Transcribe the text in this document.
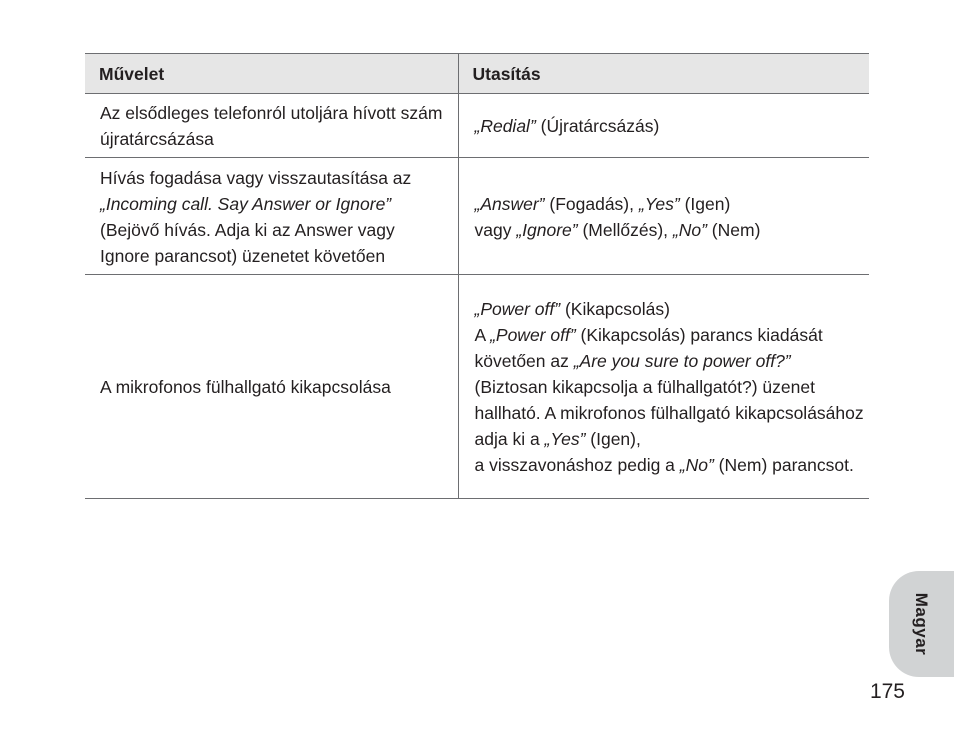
Művelet	Utasítás
Az elsődleges telefonról utoljára hívott szám újratárcsázása	„Redial” (Újratárcsázás)
Hívás fogadása vagy visszautasítása az „Incoming call. Say Answer or Ignore” (Bejövő hívás. Adja ki az Answer vagy Ignore parancsot) üzenetet követően	„Answer” (Fogadás), „Yes” (Igen)
vagy „Ignore” (Mellőzés), „No” (Nem)
A mikrofonos fülhallgató kikapcsolása	„Power off” (Kikapcsolás)
A „Power off” (Kikapcsolás) parancs kiadását követően az „Are you sure to power off?” (Biztosan kikapcsolja a fülhallgatót?) üzenet hallható. A mikrofonos fülhallgató kikapcsolásához adja ki a „Yes” (Igen),
a visszavonáshoz pedig a „No” (Nem) parancsot.
Magyar
175
